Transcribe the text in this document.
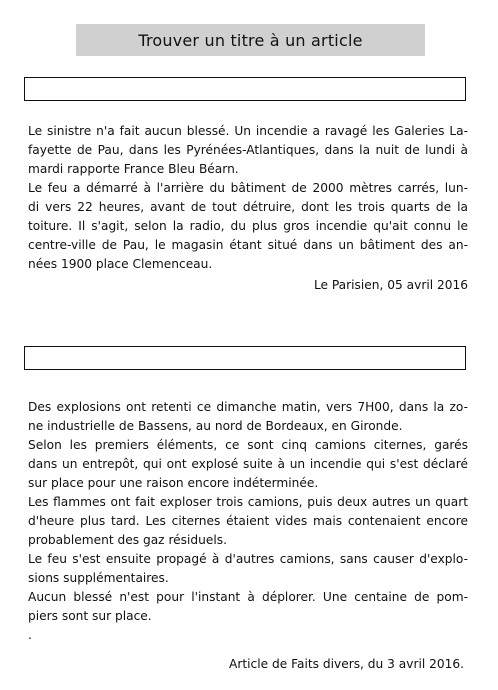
Trouver un titre à un article
Le sinistre n'a fait aucun blessé. Un incendie a ravagé les Galeries La-
fayette de Pau, dans les Pyrénées-Atlantiques, dans la nuit de lundi à
mardi rapporte France Bleu Béarn.
Le feu a démarré à l'arrière du bâtiment de 2000 mètres carrés, lun-
di vers 22 heures, avant de tout détruire, dont les trois quarts de la
toiture. Il s'agit, selon la radio, du plus gros incendie qu'ait connu le
centre-ville de Pau, le magasin étant situé dans un bâtiment des an-
nées 1900 place Clemenceau.
Le Parisien, 05 avril 2016
Des explosions ont retenti ce dimanche matin, vers 7H00, dans la zo-
ne industrielle de Bassens, au nord de Bordeaux, en Gironde.
Selon les premiers éléments, ce sont cinq camions citernes, garés
dans un entrepôt, qui ont explosé suite à un incendie qui s'est déclaré
sur place pour une raison encore indéterminée.
Les flammes ont fait exploser trois camions, puis deux autres un quart
d'heure plus tard. Les citernes étaient vides mais contenaient encore
probablement des gaz résiduels.
Le feu s'est ensuite propagé à d'autres camions, sans causer d'explo-
sions supplémentaires.
Aucun blessé n'est pour l'instant à déplorer. Une centaine de pom-
piers sont sur place.
.
Article de Faits divers, du 3 avril 2016.
